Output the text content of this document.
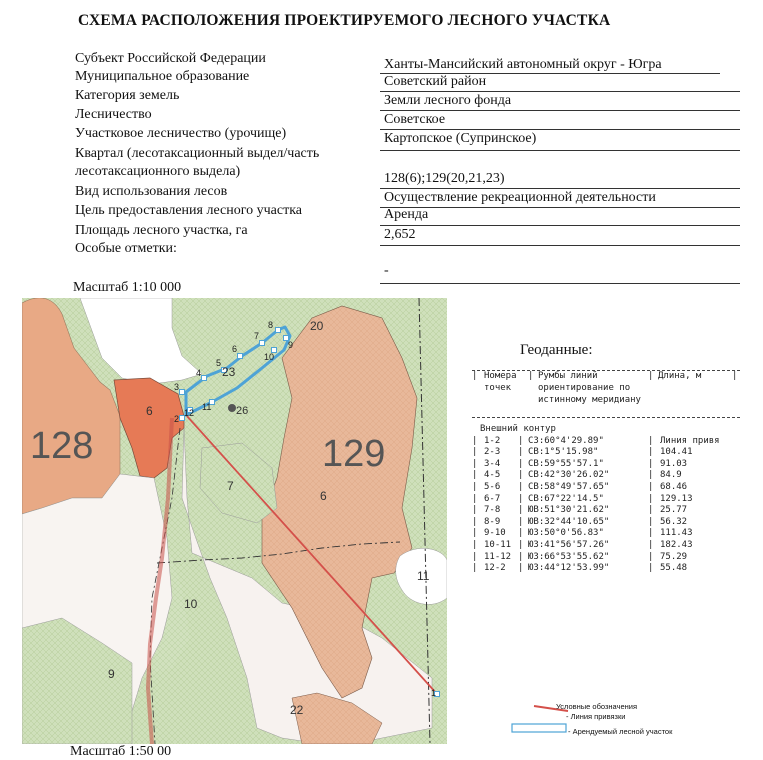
СХЕМА РАСПОЛОЖЕНИЯ ПРОЕКТИРУЕМОГО ЛЕСНОГО УЧАСТКА
Субъект Российской Федерации	Ханты-Мансийский автономный округ - Югра
Муниципальное образование	Советский район
Категория земель	Земли лесного фонда
Лесничество	Советское
Участковое лесничество (урочище)	Картопское (Супринское)
Квартал (лесотаксационный выдел/часть
лесотаксационного выдела)	128(6);129(20,21,23)
Вид использования лесов	Осуществление рекреационной деятельности
Цель предоставления лесного участка	Аренда
Площадь лесного участка, га	2,652
Особые отметки:
-
Масштаб 1:10 000
1
2
3
4
5
6
7
8
9
10
11
12
128	129
6
7
10
9
11
20
23
26
6
22
Геоданные:
| Номера
точек
| Румбы линий
ориентирование по
истинному меридиану
| Длина, м	|
Внешний контур
| 1-2 | СЗ:60°4'29.89"	| Линия привя
| 2-3 | СВ:1°5'15.98"	| 104.41
| 3-4 | СВ:59°55'57.1"	| 91.03
| 4-5 | СВ:42°30'26.02"	| 84.9
| 5-6 | СВ:58°49'57.65"	| 68.46
| 6-7 | СВ:67°22'14.5"	| 129.13
| 7-8 | ЮВ:51°30'21.62"	| 25.77
| 8-9 | ЮВ:32°44'10.65"	| 56.32
| 9-10 | ЮЗ:50°0'56.83"	| 111.43
| 10-11 | ЮЗ:41°56'57.26"	| 182.43
| 11-12 | ЮЗ:66°53'55.62"	| 75.29
| 12-2 | ЮЗ:44°12'53.99"	| 55.48
Условные обозначения
- Линия привязки
- Арендуемый лесной участок
Масштаб 1:50 00
